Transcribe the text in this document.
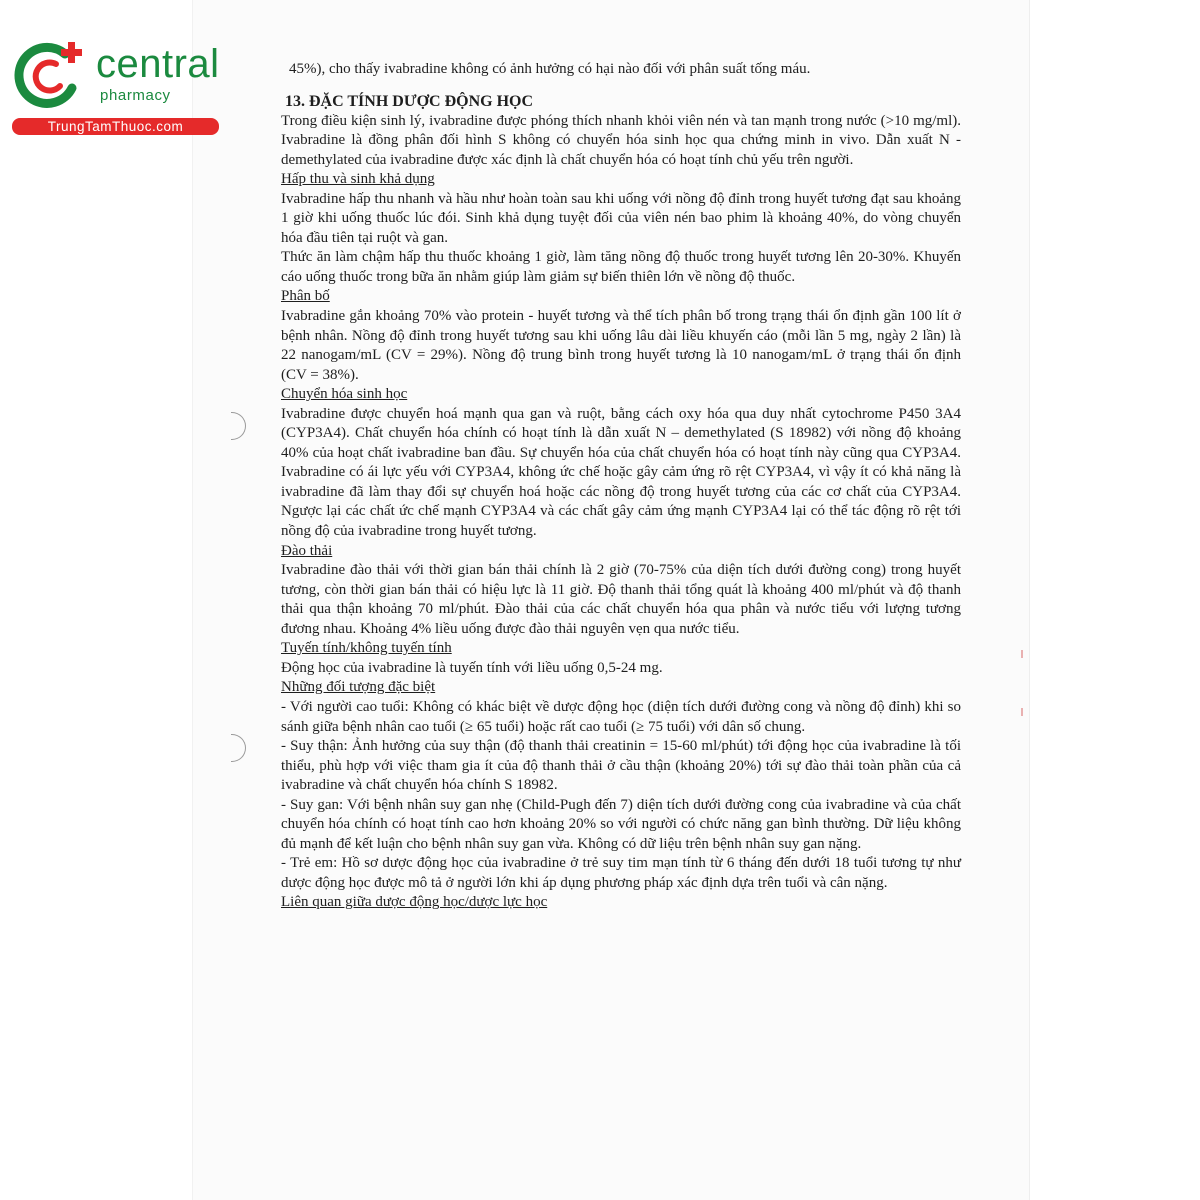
central
pharmacy
TrungTamThuoc.com

45%), cho thấy ivabradine không có ảnh hưởng có hại nào đối với phân suất tống máu.

13. ĐẶC TÍNH DƯỢC ĐỘNG HỌC

Trong điều kiện sinh lý, ivabradine được phóng thích nhanh khỏi viên nén và tan mạnh trong nước (>10 mg/ml). Ivabradine là đồng phân đối hình S không có chuyển hóa sinh học qua chứng minh in vivo. Dẫn xuất N - demethylated của ivabradine được xác định là chất chuyển hóa có hoạt tính chủ yếu trên người.

Hấp thu và sinh khả dụng

Ivabradine hấp thu nhanh và hầu như hoàn toàn sau khi uống với nồng độ đỉnh trong huyết tương đạt sau khoảng 1 giờ khi uống thuốc lúc đói. Sinh khả dụng tuyệt đối của viên nén bao phim là khoảng 40%, do vòng chuyển hóa đầu tiên tại ruột và gan.

Thức ăn làm chậm hấp thu thuốc khoảng 1 giờ, làm tăng nồng độ thuốc trong huyết tương lên 20-30%. Khuyến cáo uống thuốc trong bữa ăn nhằm giúp làm giảm sự biến thiên lớn về nồng độ thuốc.

Phân bố

Ivabradine gắn khoảng 70% vào protein - huyết tương và thể tích phân bố trong trạng thái ổn định gần 100 lít ở bệnh nhân. Nồng độ đỉnh trong huyết tương sau khi uống lâu dài liều khuyến cáo (mỗi lần 5 mg, ngày 2 lần) là 22 nanogam/mL (CV = 29%). Nồng độ trung bình trong huyết tương là 10 nanogam/mL ở trạng thái ổn định (CV = 38%).

Chuyển hóa sinh học

Ivabradine được chuyển hoá mạnh qua gan và ruột, bằng cách oxy hóa qua duy nhất cytochrome P450 3A4 (CYP3A4). Chất chuyển hóa chính có hoạt tính là dẫn xuất N – demethylated (S 18982) với nồng độ khoảng 40% của hoạt chất ivabradine ban đầu. Sự chuyển hóa của chất chuyển hóa có hoạt tính này cũng qua CYP3A4. Ivabradine có ái lực yếu với CYP3A4, không ức chế hoặc gây cảm ứng rõ rệt CYP3A4, vì vậy ít có khả năng là ivabradine đã làm thay đổi sự chuyển hoá hoặc các nồng độ trong huyết tương của các cơ chất của CYP3A4. Ngược lại các chất ức chế mạnh CYP3A4 và các chất gây cảm ứng mạnh CYP3A4 lại có thể tác động rõ rệt tới nồng độ của ivabradine trong huyết tương.

Đào thải

Ivabradine đào thải với thời gian bán thải chính là 2 giờ (70-75% của diện tích dưới đường cong) trong huyết tương, còn thời gian bán thải có hiệu lực là 11 giờ. Độ thanh thải tổng quát là khoảng 400 ml/phút và độ thanh thải qua thận khoảng 70 ml/phút. Đào thải của các chất chuyển hóa qua phân và nước tiểu với lượng tương đương nhau. Khoảng 4% liều uống được đào thải nguyên vẹn qua nước tiểu.

Tuyến tính/không tuyến tính

Động học của ivabradine là tuyến tính với liều uống 0,5-24 mg.

Những đối tượng đặc biệt

- Với người cao tuổi: Không có khác biệt về dược động học (diện tích dưới đường cong và nồng độ đỉnh) khi so sánh giữa bệnh nhân cao tuổi (≥ 65 tuổi) hoặc rất cao tuổi (≥ 75 tuổi) với dân số chung.

- Suy thận: Ảnh hưởng của suy thận (độ thanh thải creatinin = 15-60 ml/phút) tới động học của ivabradine là tối thiểu, phù hợp với việc tham gia ít của độ thanh thải ở cầu thận (khoảng 20%) tới sự đào thải toàn phần của cả ivabradine và chất chuyển hóa chính S 18982.

- Suy gan: Với bệnh nhân suy gan nhẹ (Child-Pugh đến 7) diện tích dưới đường cong của ivabradine và của chất chuyển hóa chính có hoạt tính cao hơn khoảng 20% so với người có chức năng gan bình thường. Dữ liệu không đủ mạnh để kết luận cho bệnh nhân suy gan vừa. Không có dữ liệu trên bệnh nhân suy gan nặng.

- Trẻ em: Hồ sơ dược động học của ivabradine ở trẻ suy tim mạn tính từ 6 tháng đến dưới 18 tuổi tương tự như dược động học được mô tả ở người lớn khi áp dụng phương pháp xác định dựa trên tuổi và cân nặng.

Liên quan giữa dược động học/dược lực học
